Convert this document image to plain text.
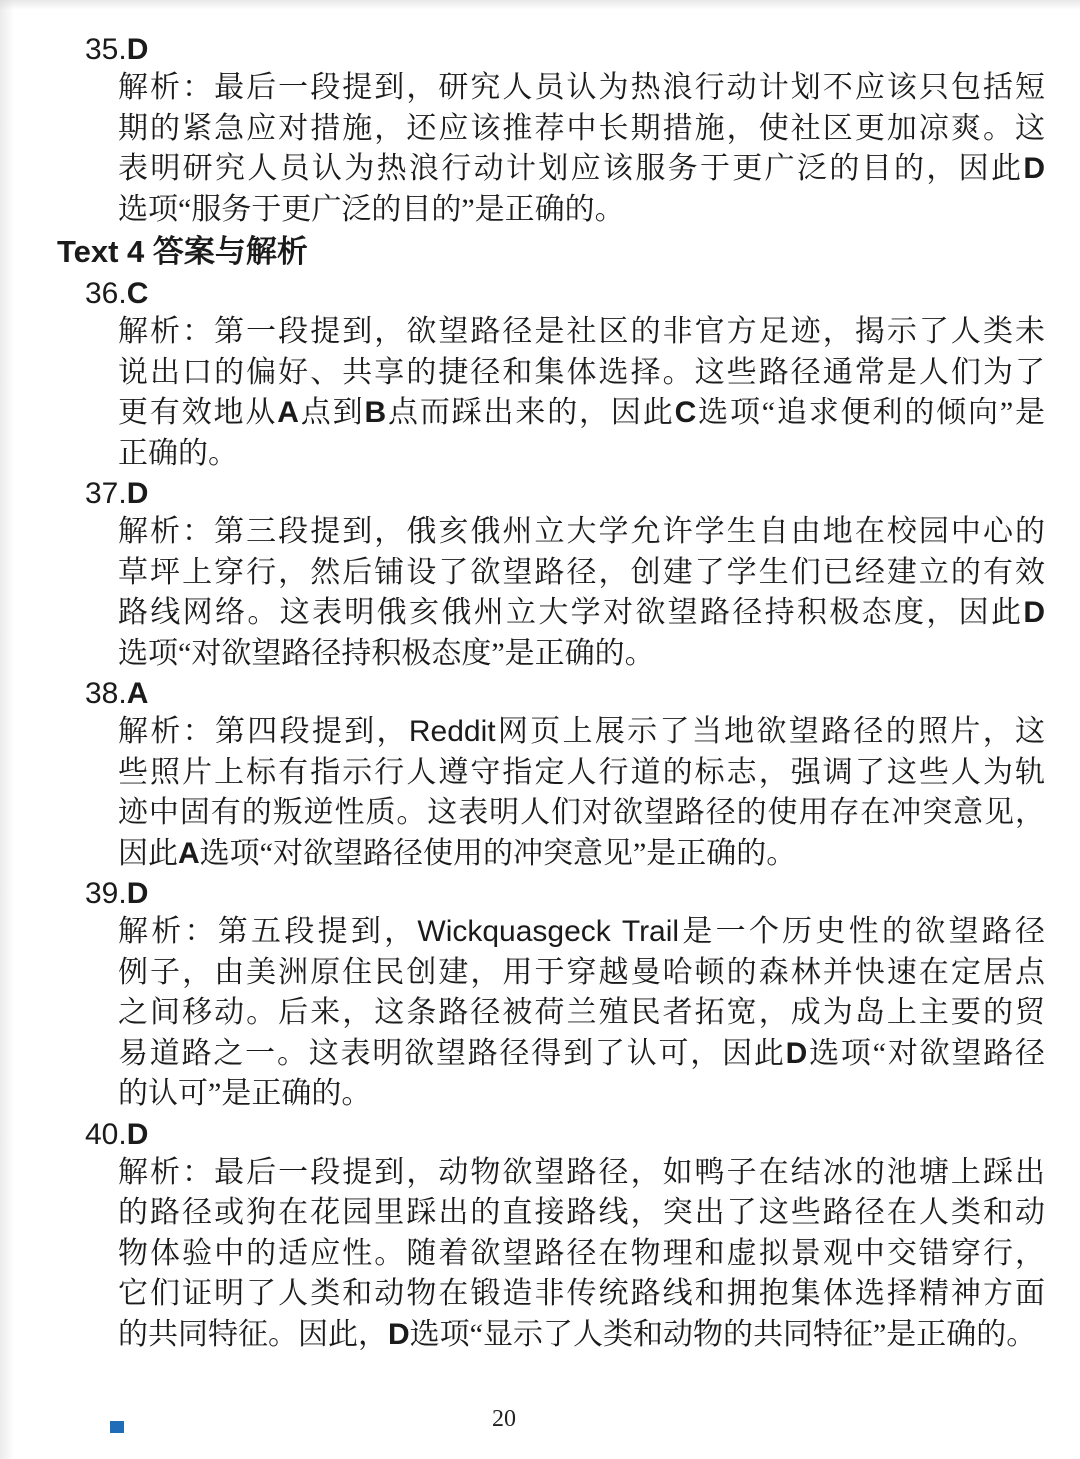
35.D
解析：最后一段提到，研究人员认为热浪行动计划不应该只包括短
期的紧急应对措施，还应该推荐中长期措施，使社区更加凉爽。这
表明研究人员认为热浪行动计划应该服务于更广泛的目的，因此D
选项“服务于更广泛的目的”是正确的。
Text 4 答案与解析
36.C
解析：第一段提到，欲望路径是社区的非官方足迹，揭示了人类未
说出口的偏好、共享的捷径和集体选择。这些路径通常是人们为了
更有效地从A点到B点而踩出来的，因此C选项“追求便利的倾向”是
正确的。
37.D
解析：第三段提到，俄亥俄州立大学允许学生自由地在校园中心的
草坪上穿行，然后铺设了欲望路径，创建了学生们已经建立的有效
路线网络。这表明俄亥俄州立大学对欲望路径持积极态度，因此D
选项“对欲望路径持积极态度”是正确的。
38.A
解析：第四段提到，Reddit网页上展示了当地欲望路径的照片，这
些照片上标有指示行人遵守指定人行道的标志，强调了这些人为轨
迹中固有的叛逆性质。这表明人们对欲望路径的使用存在冲突意见，
因此A选项“对欲望路径使用的冲突意见”是正确的。
39.D
解析：第五段提到，Wickquasgeck Trail是一个历史性的欲望路径
例子，由美洲原住民创建，用于穿越曼哈顿的森林并快速在定居点
之间移动。后来，这条路径被荷兰殖民者拓宽，成为岛上主要的贸
易道路之一。这表明欲望路径得到了认可，因此D选项“对欲望路径
的认可”是正确的。
40.D
解析：最后一段提到，动物欲望路径，如鸭子在结冰的池塘上踩出
的路径或狗在花园里踩出的直接路线，突出了这些路径在人类和动
物体验中的适应性。随着欲望路径在物理和虚拟景观中交错穿行，
它们证明了人类和动物在锻造非传统路线和拥抱集体选择精神方面
的共同特征。因此，D选项“显示了人类和动物的共同特征”是正确的。
20
